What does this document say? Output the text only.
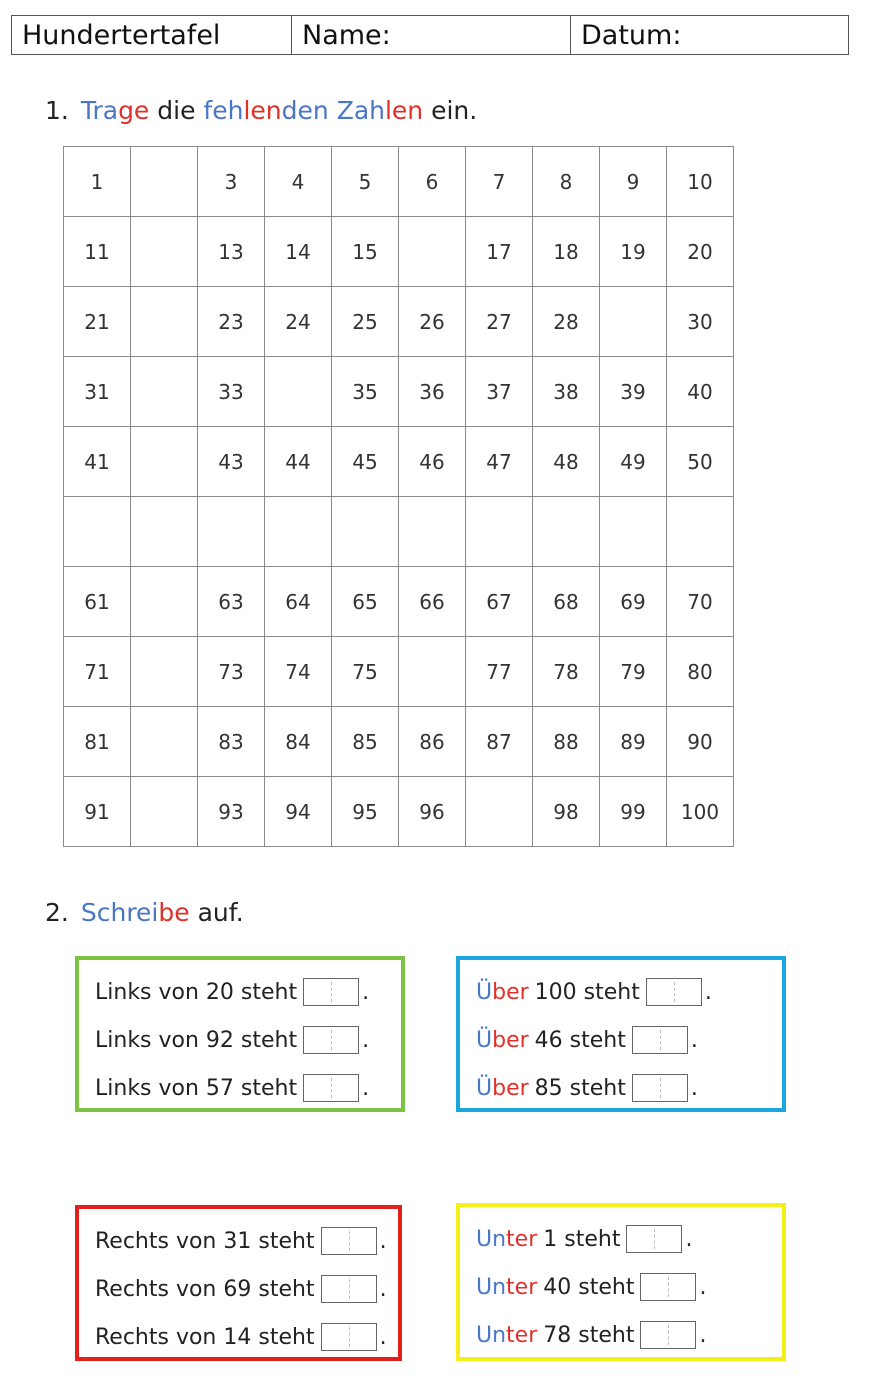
Hundertertafel	Name:	Datum:
1. Trage die fehlenden Zahlen ein.
1		3	4	5	6	7	8	9	10
11		13	14	15		17	18	19	20
21		23	24	25	26	27	28		30
31		33		35	36	37	38	39	40
41		43	44	45	46	47	48	49	50

61		63	64	65	66	67	68	69	70
71		73	74	75		77	78	79	80
81		83	84	85	86	87	88	89	90
91		93	94	95	96		98	99	100
2. Schreibe auf.
Links von 20 steht	.
Links von 92 steht	.
Links von 57 steht	.
Ü ber 100 steht	.
Ü ber 46 steht	.
Ü ber 85 steht	.
Rechts von 31 steht	.
Rechts von 69 steht	.
Rechts von 14 steht	.
Un ter 1 steht	.
Un ter 40 steht	.
Un ter 78 steht	.
